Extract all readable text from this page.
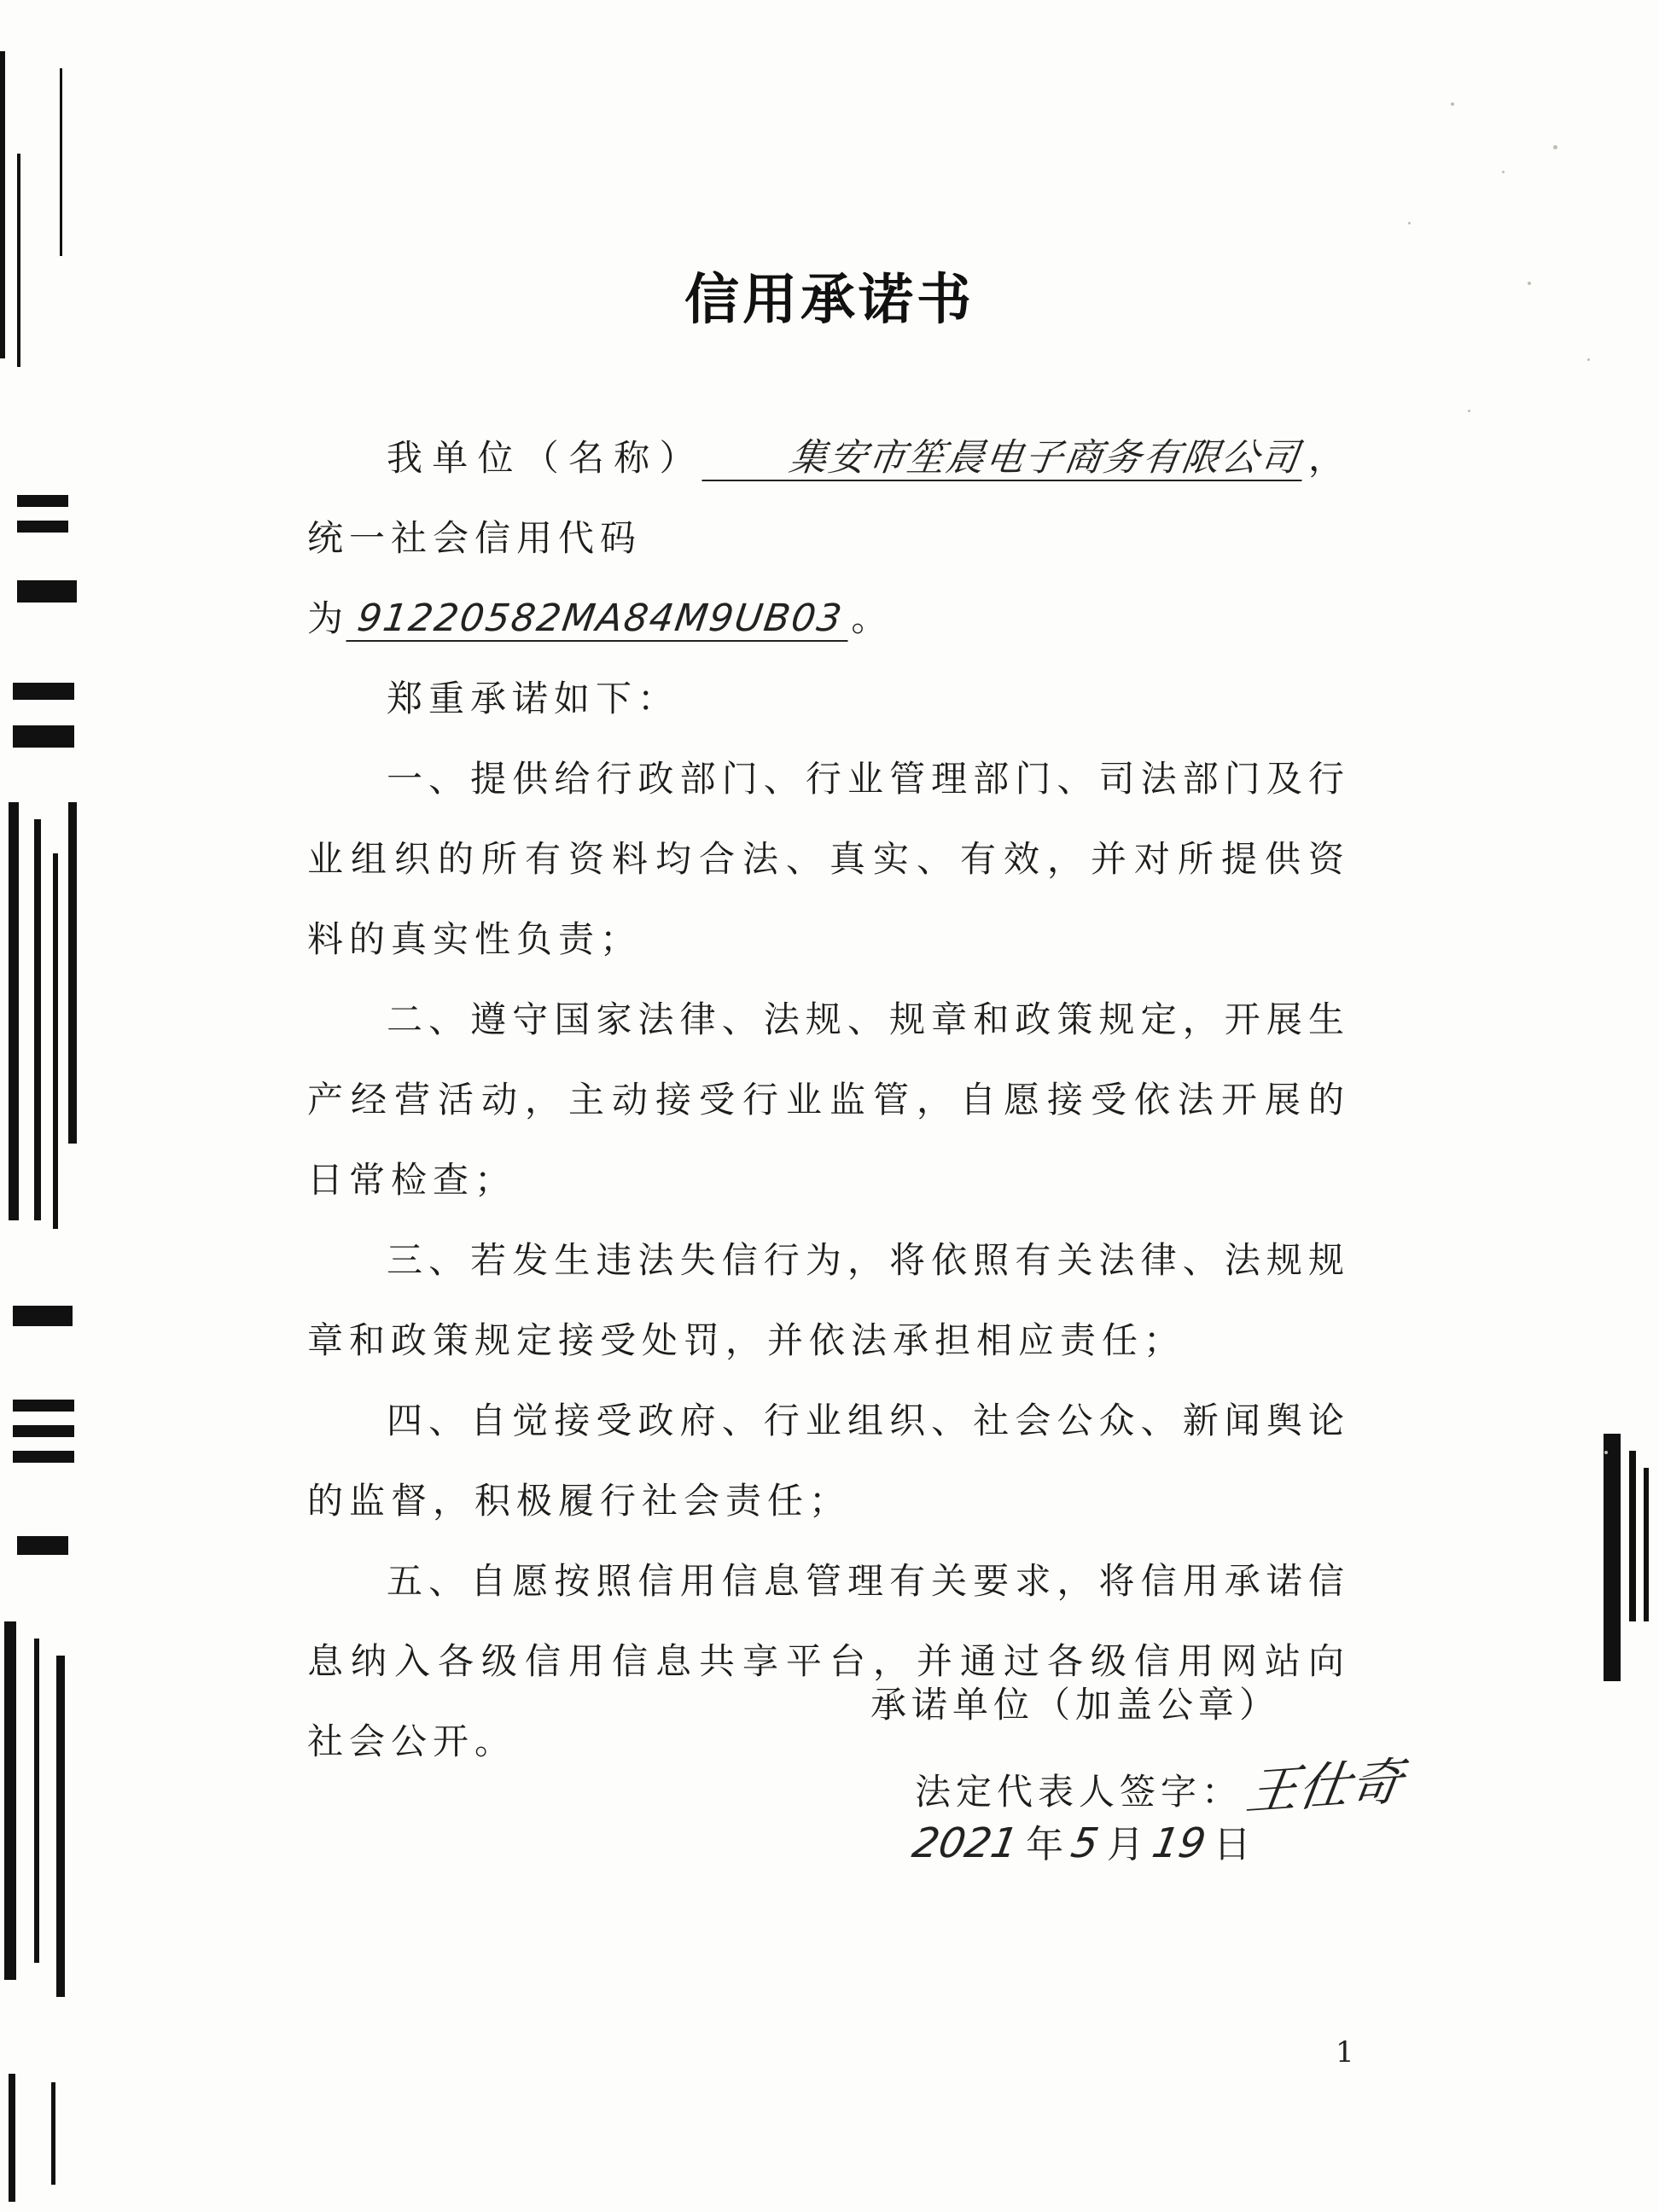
信用承诺书

我单位（名称） 集安市笙晨电子商务有限公司，统一社会信用代码

为 91220582MA84M9UB03 。

郑重承诺如下：

一、提供给行政部门、行业管理部门、司法部门及行业组织的所有资料均合法、真实、有效，并对所提供资料的真实性负责；

二、遵守国家法律、法规、规章和政策规定，开展生产经营活动，主动接受行业监管，自愿接受依法开展的日常检查；

三、若发生违法失信行为，将依照有关法律、法规规章和政策规定接受处罚，并依法承担相应责任；

四、自觉接受政府、行业组织、社会公众、新闻舆论的监督，积极履行社会责任；

五、自愿按照信用信息管理有关要求，将信用承诺信息纳入各级信用信息共享平台，并通过各级信用网站向社会公开。

承诺单位（加盖公章）
法定代表人签字：王仕奇
2021 年 5 月 19 日
1
